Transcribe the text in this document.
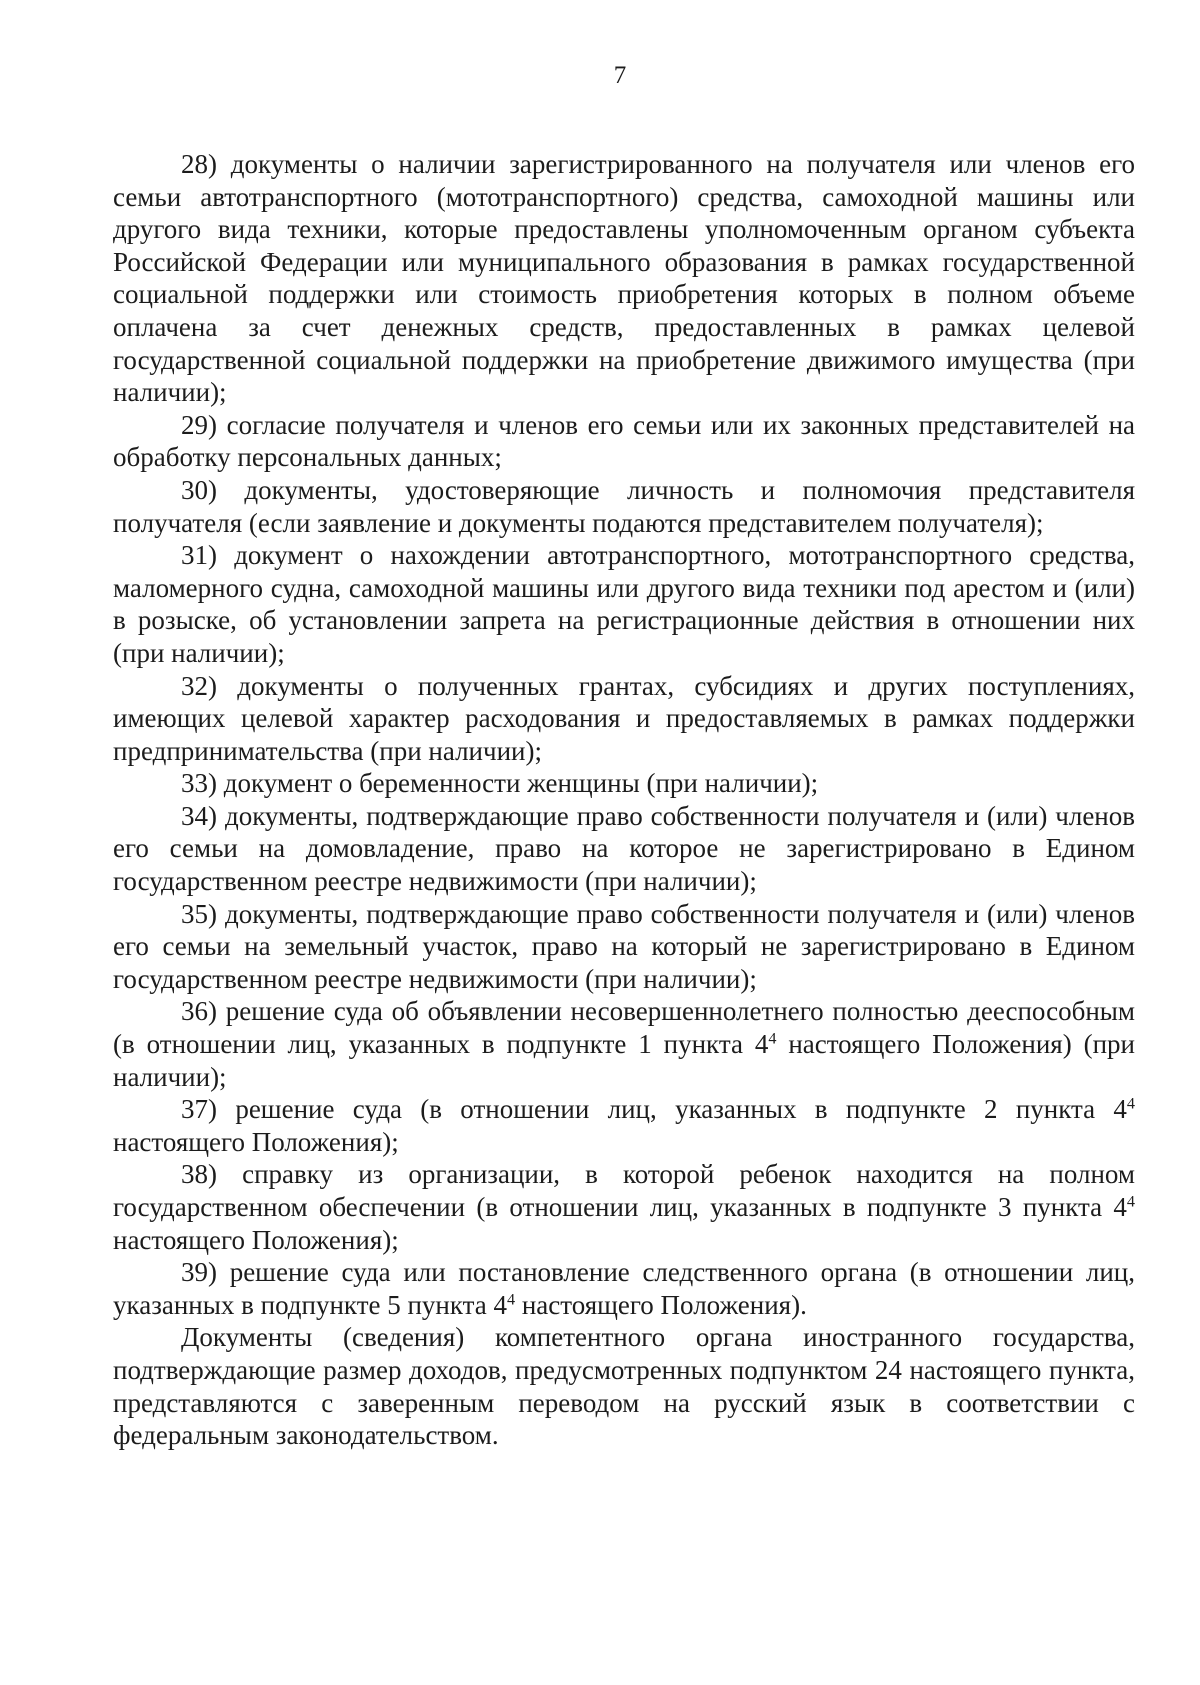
7

28) документы о наличии зарегистрированного на получателя или членов его семьи автотранспортного (мототранспортного) средства, самоходной машины или другого вида техники, которые предоставлены уполномоченным органом субъекта Российской Федерации или муниципального образования в рамках государственной социальной поддержки или стоимость приобретения которых в полном объеме оплачена за счет денежных средств, предоставленных в рамках целевой государственной социальной поддержки на приобретение движимого имущества (при наличии);

29) согласие получателя и членов его семьи или их законных представителей на обработку персональных данных;

30) документы, удостоверяющие личность и полномочия представителя получателя (если заявление и документы подаются представителем получателя);

31) документ о нахождении автотранспортного, мототранспортного средства, маломерного судна, самоходной машины или другого вида техники под арестом и (или) в розыске, об установлении запрета на регистрационные действия в отношении них (при наличии);

32) документы о полученных грантах, субсидиях и других поступлениях, имеющих целевой характер расходования и предоставляемых в рамках поддержки предпринимательства (при наличии);

33) документ о беременности женщины (при наличии);

34) документы, подтверждающие право собственности получателя и (или) членов его семьи на домовладение, право на которое не зарегистрировано в Едином государственном реестре недвижимости (при наличии);

35) документы, подтверждающие право собственности получателя и (или) членов его семьи на земельный участок, право на который не зарегистрировано в Едином государственном реестре недвижимости (при наличии);

36) решение суда об объявлении несовершеннолетнего полностью дееспособным (в отношении лиц, указанных в подпункте 1 пункта $4^4$ настоящего Положения) (при наличии);

37) решение суда (в отношении лиц, указанных в подпункте 2 пункта $4^4$ настоящего Положения);

38) справку из организации, в которой ребенок находится на полном государственном обеспечении (в отношении лиц, указанных в подпункте 3 пункта $4^4$ настоящего Положения);

39) решение суда или постановление следственного органа (в отношении лиц, указанных в подпункте 5 пункта $4^4$ настоящего Положения).

Документы (сведения) компетентного органа иностранного государства, подтверждающие размер доходов, предусмотренных подпунктом 24 настоящего пункта, представляются с заверенным переводом на русский язык в соответствии с федеральным законодательством.
